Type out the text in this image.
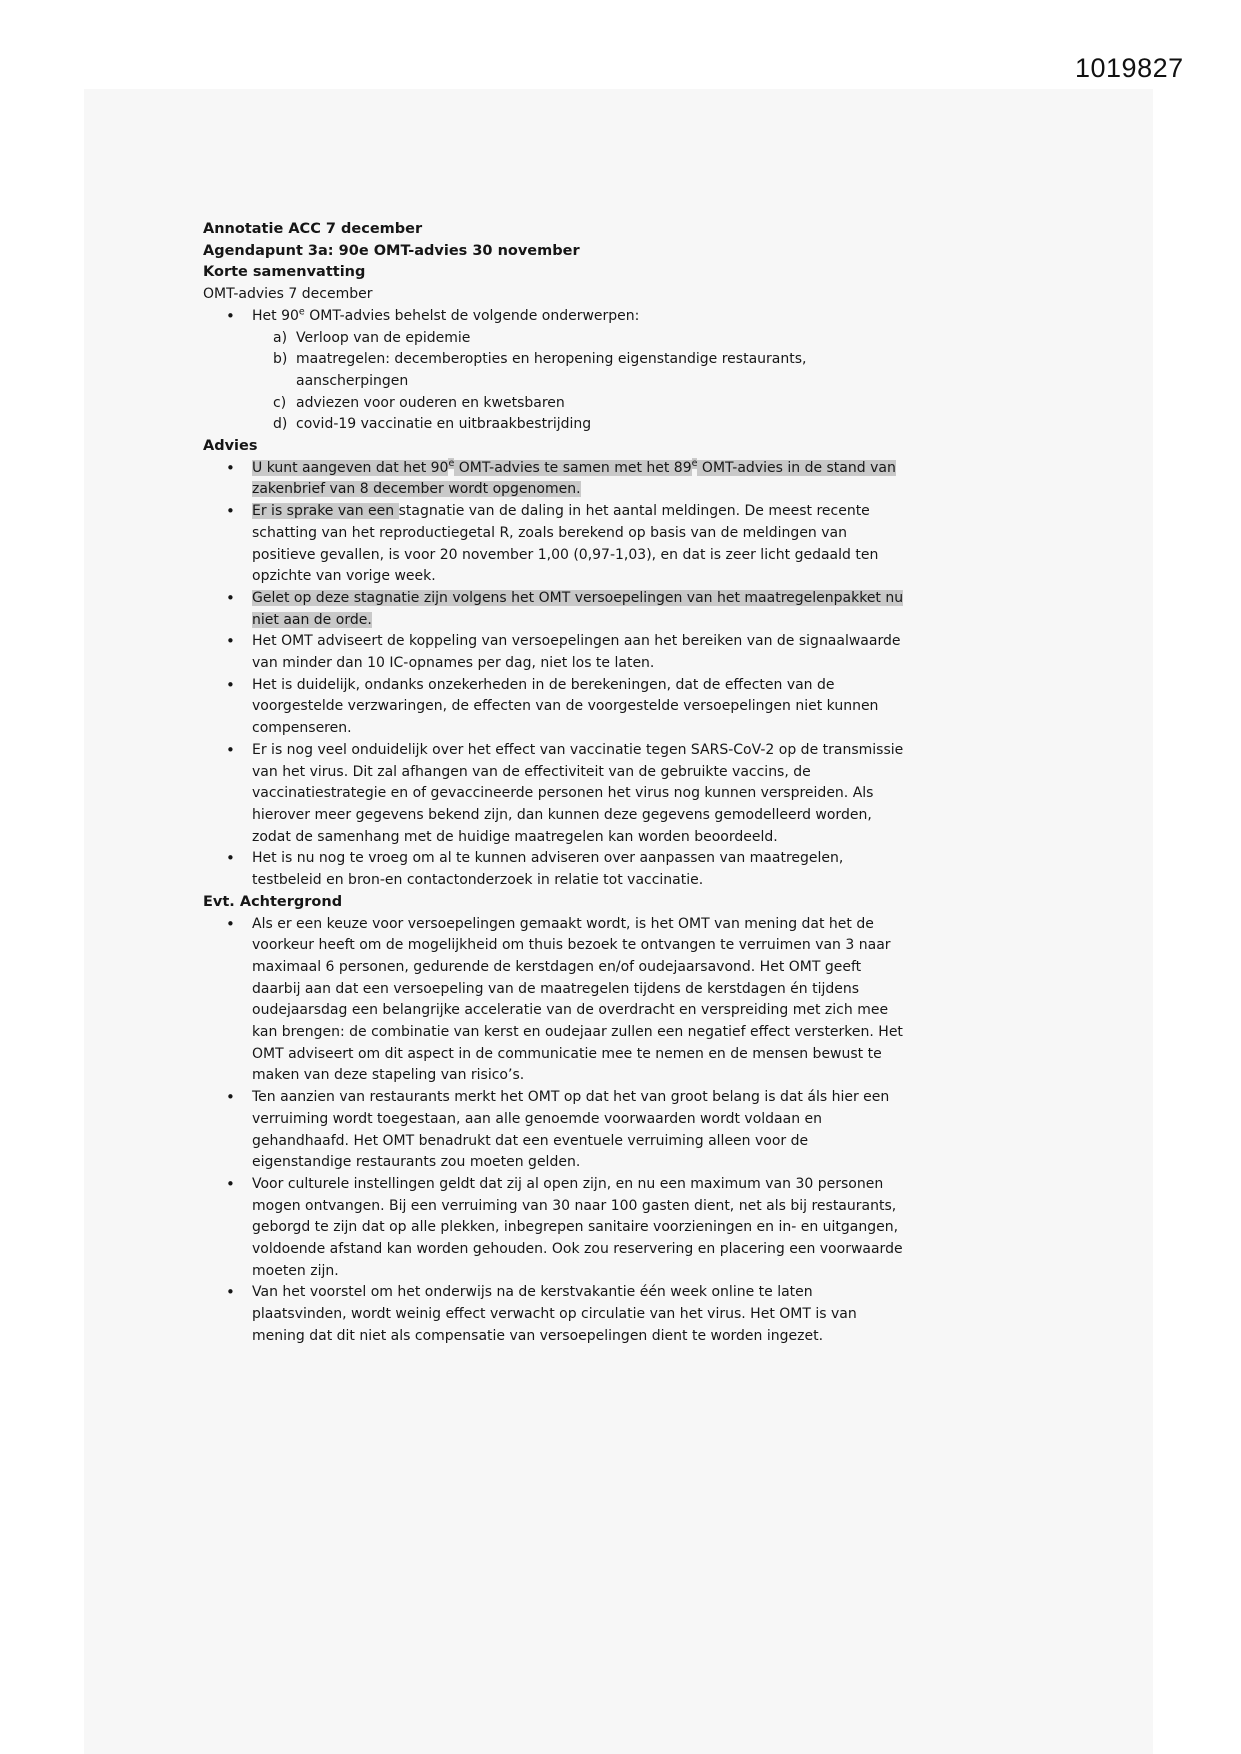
1019827

Annotatie ACC 7 december

Agendapunt 3a: 90e OMT-advies 30 november

Korte samenvatting

OMT-advies 7 december

• Het 90e OMT-advies behelst de volgende onderwerpen:
a) Verloop van de epidemie
b) maatregelen: decemberopties en heropening eigenstandige restaurants, aanscherpingen
c) adviezen voor ouderen en kwetsbaren
d) covid-19 vaccinatie en uitbraakbestrijding

Advies

• U kunt aangeven dat het 90e OMT-advies te samen met het 89e OMT-advies in de stand van zakenbrief van 8 december wordt opgenomen.
• Er is sprake van een stagnatie van de daling in het aantal meldingen. De meest recente schatting van het reproductiegetal R, zoals berekend op basis van de meldingen van positieve gevallen, is voor 20 november 1,00 (0,97-1,03), en dat is zeer licht gedaald ten opzichte van vorige week.
• Gelet op deze stagnatie zijn volgens het OMT versoepelingen van het maatregelenpakket nu niet aan de orde.
• Het OMT adviseert de koppeling van versoepelingen aan het bereiken van de signaalwaarde van minder dan 10 IC-opnames per dag, niet los te laten.
• Het is duidelijk, ondanks onzekerheden in de berekeningen, dat de effecten van de voorgestelde verzwaringen, de effecten van de voorgestelde versoepelingen niet kunnen compenseren.
• Er is nog veel onduidelijk over het effect van vaccinatie tegen SARS-CoV-2 op de transmissie van het virus. Dit zal afhangen van de effectiviteit van de gebruikte vaccins, de vaccinatiestrategie en of gevaccineerde personen het virus nog kunnen verspreiden. Als hierover meer gegevens bekend zijn, dan kunnen deze gegevens gemodelleerd worden, zodat de samenhang met de huidige maatregelen kan worden beoordeeld.
• Het is nu nog te vroeg om al te kunnen adviseren over aanpassen van maatregelen, testbeleid en bron-en contactonderzoek in relatie tot vaccinatie.

Evt. Achtergrond

• Als er een keuze voor versoepelingen gemaakt wordt, is het OMT van mening dat het de voorkeur heeft om de mogelijkheid om thuis bezoek te ontvangen te verruimen van 3 naar maximaal 6 personen, gedurende de kerstdagen en/of oudejaarsavond. Het OMT geeft daarbij aan dat een versoepeling van de maatregelen tijdens de kerstdagen én tijdens oudejaarsdag een belangrijke acceleratie van de overdracht en verspreiding met zich mee kan brengen: de combinatie van kerst en oudejaar zullen een negatief effect versterken. Het OMT adviseert om dit aspect in de communicatie mee te nemen en de mensen bewust te maken van deze stapeling van risico’s.
• Ten aanzien van restaurants merkt het OMT op dat het van groot belang is dat áls hier een verruiming wordt toegestaan, aan alle genoemde voorwaarden wordt voldaan en gehandhaafd. Het OMT benadrukt dat een eventuele verruiming alleen voor de eigenstandige restaurants zou moeten gelden.
• Voor culturele instellingen geldt dat zij al open zijn, en nu een maximum van 30 personen mogen ontvangen. Bij een verruiming van 30 naar 100 gasten dient, net als bij restaurants, geborgd te zijn dat op alle plekken, inbegrepen sanitaire voorzieningen en in- en uitgangen, voldoende afstand kan worden gehouden. Ook zou reservering en placering een voorwaarde moeten zijn.
• Van het voorstel om het onderwijs na de kerstvakantie één week online te laten plaatsvinden, wordt weinig effect verwacht op circulatie van het virus. Het OMT is van mening dat dit niet als compensatie van versoepelingen dient te worden ingezet.
